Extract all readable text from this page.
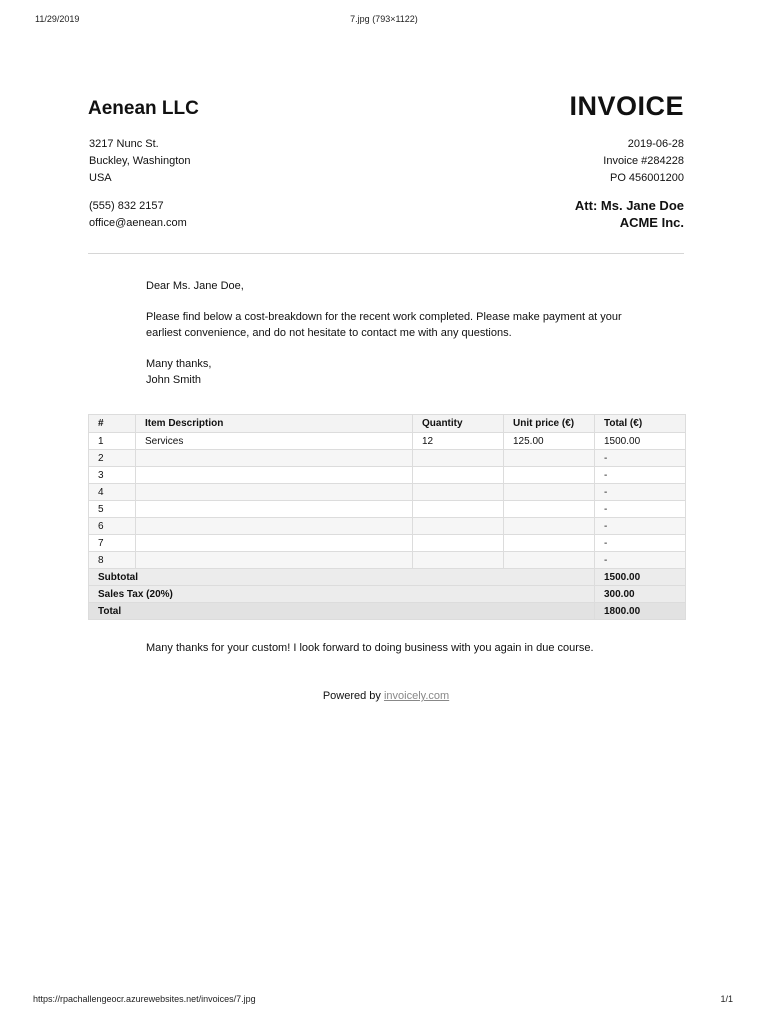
11/29/2019	7.jpg (793×1122)
Aenean LLC	INVOICE
3217 Nunc St.
Buckley, Washington
USA
(555) 832 2157
office@aenean.com
2019-06-28
Invoice #284228
PO 456001200
Att: Ms. Jane Doe
ACME Inc.

Dear Ms. Jane Doe,

Please find below a cost-breakdown for the recent work completed. Please make payment at your earliest convenience, and do not hesitate to contact me with any questions.

Many thanks,
John Smith

#	Item Description	Quantity	Unit price (€)	Total (€)
1	Services	12	125.00	1500.00
2				-
3				-
4				-
5				-
6				-
7				-
8				-
Subtotal				1500.00
Sales Tax (20%)				300.00
Total				1800.00
Many thanks for your custom! I look forward to doing business with you again in due course.
Powered by invoicely.com
https://rpachallengeocr.azurewebsites.net/invoices/7.jpg	1/1
